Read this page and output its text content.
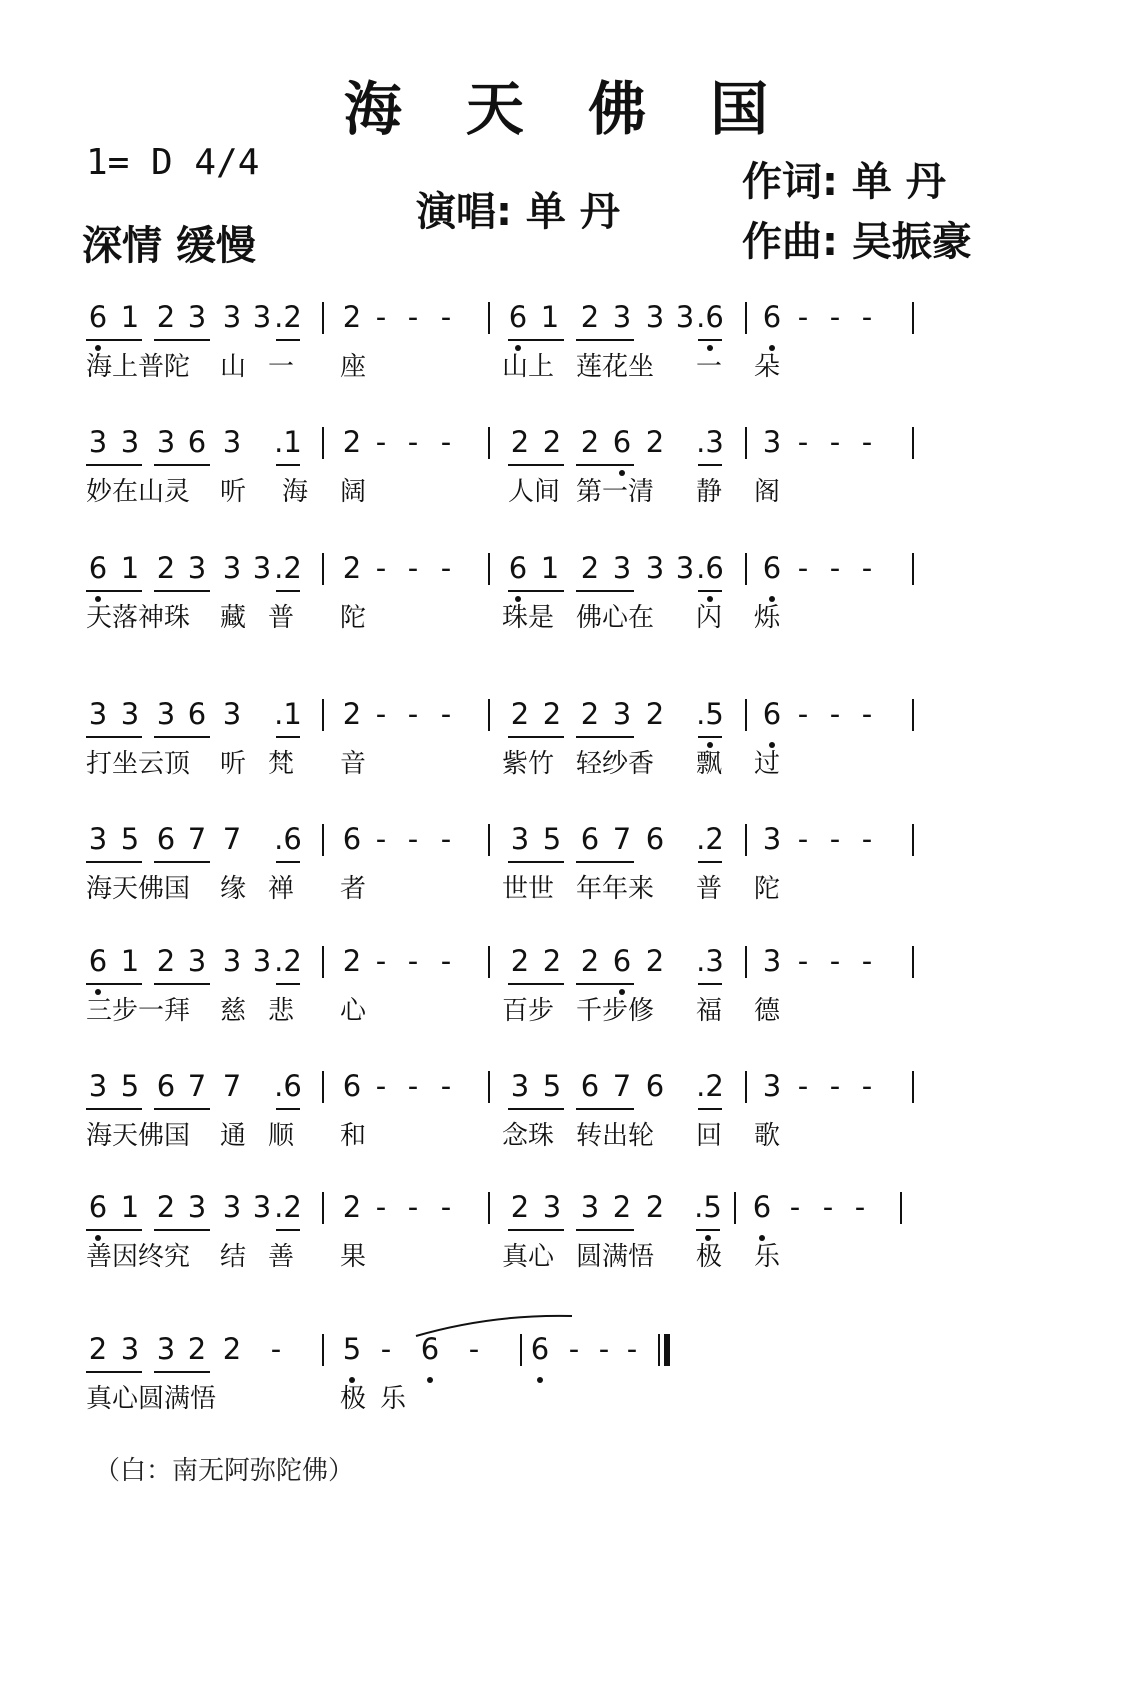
海 天 佛 国
1= D 4/4
深情 缓慢
演唱: 单 丹
作词: 单 丹
作曲: 吴振豪
6 1 2 3 3 3 .2 2 - - -	6 1 2 3 3 3 .6 6 - - -
海上普陀 山 一 座	山上 莲花坐 一 朵
3 3 3 6 3 .1 2 - - -	2 2 2 6 2 .3 3 - - -
妙在山灵 听 海 阔	人间 第一清 静 阁
6 1 2 3 3 3 .2 2 - - -	6 1 2 3 3 3 .6 6 - - -
天落神珠 藏 普 陀	珠是 佛心在 闪 烁
3 3 3 6 3 .1 2 - - -	2 2 2 3 2 .5 6 - - -
打坐云顶 听 梵 音	紫竹 轻纱香 飘 过
3 5 6 7 7 .6 6 - - -	3 5 6 7 6 .2 3 - - -
海天佛国 缘 禅 者	世世 年年来 普 陀
6 1 2 3 3 3 .2 2 - - -	2 2 2 6 2 .3 3 - - -
三步一拜 慈 悲 心	百步 千步修 福 德
3 5 6 7 7 .6 6 - - -	3 5 6 7 6 .2 3 - - -
海天佛国 通 顺 和	念珠 转出轮 回 歌
6 1 2 3 3 3 .2 2 - - -	2 3 3 2 2 .5 6 - - -
善因终究 结 善 果	真心 圆满悟 极 乐
2 3 3 2 2	-	5 -	6	-	6 - - -
真心圆满悟	极 乐
（白：南无阿弥陀佛）
